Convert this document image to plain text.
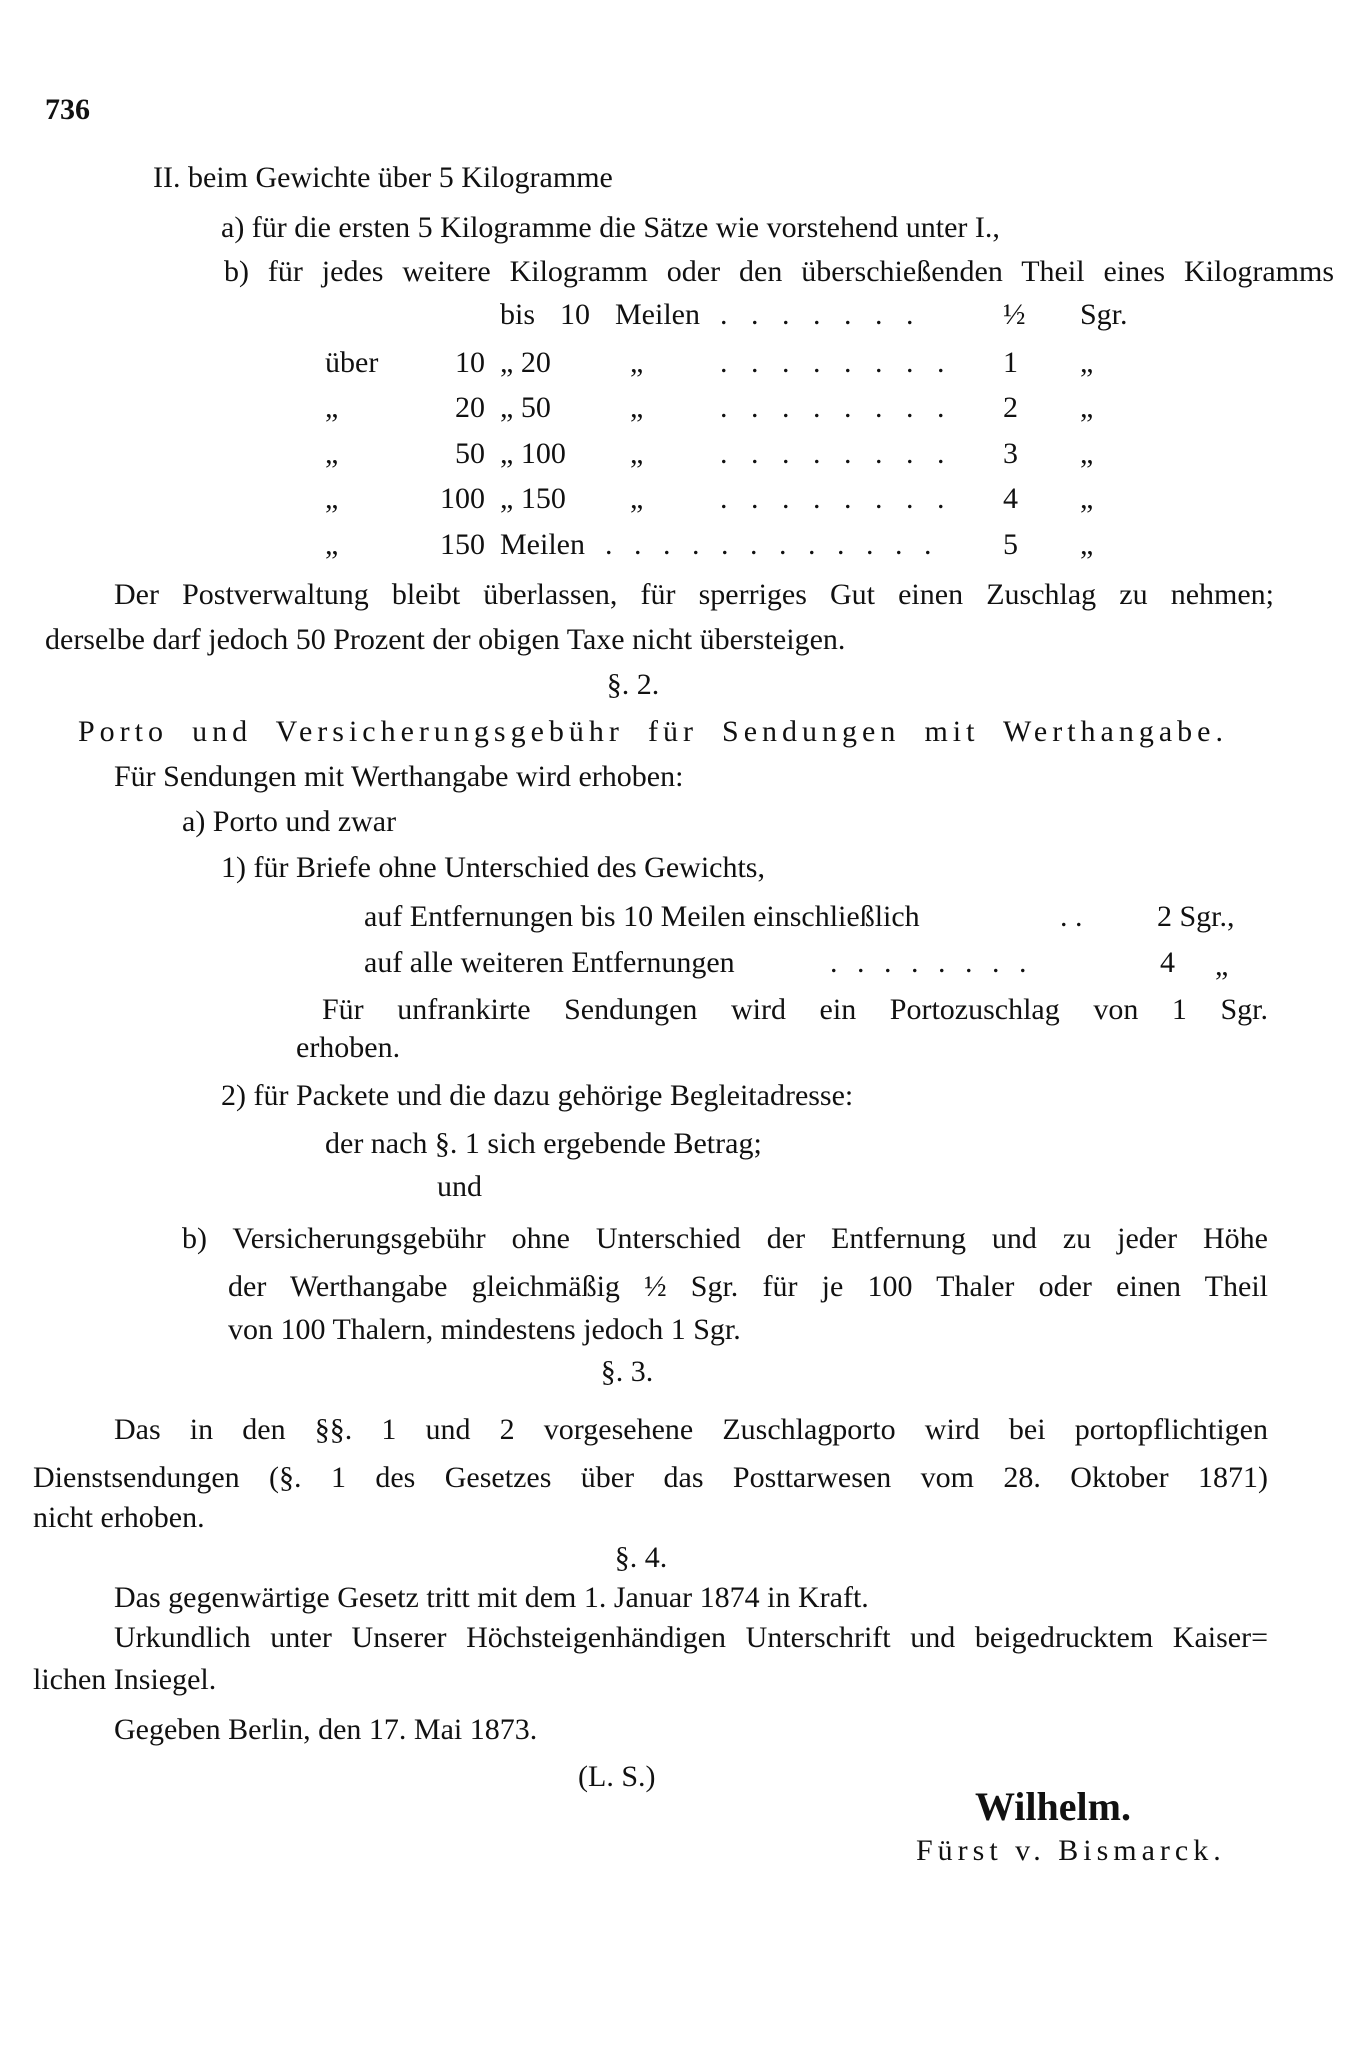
736
II. beim Gewichte über 5 Kilogramme
a) für die ersten 5 Kilogramme die Sätze wie vorstehend unter I.,
b) für jedes weitere Kilogramm oder den überschießenden Theil eines Kilogramms
bis 10 Meilen . . . . . . .	½ Sgr.
über	10 „ 20	„	. . . . . . . . 1 „
„	20 „ 50	„	. . . . . . . . 2 „
„	50 „ 100 „	. . . . . . . . 3 „
„	100 „ 150 „	. . . . . . . . 4 „
„	150 Meilen . . . . . . . . . . . . 5 „
Der Postverwaltung bleibt überlassen, für sperriges Gut einen Zuschlag zu nehmen;
derselbe darf jedoch 50 Prozent der obigen Taxe nicht übersteigen.
§. 2.
Porto und Versicherungsgebühr für Sendungen mit Werthangabe.
Für Sendungen mit Werthangabe wird erhoben:
a) Porto und zwar
1) für Briefe ohne Unterschied des Gewichts,
auf Entfernungen bis 10 Meilen einschließlich	. . 2 Sgr.,
auf alle weiteren Entfernungen	. . . . . . . .	4 „
Für unfrankirte Sendungen wird ein Portozuschlag von 1 Sgr.
erhoben.
2) für Packete und die dazu gehörige Begleitadresse:
der nach §. 1 sich ergebende Betrag;
und
b) Versicherungsgebühr ohne Unterschied der Entfernung und zu jeder Höhe
der Werthangabe gleichmäßig ½ Sgr. für je 100 Thaler oder einen Theil
von 100 Thalern, mindestens jedoch 1 Sgr.
§. 3.
Das in den §§. 1 und 2 vorgesehene Zuschlagporto wird bei portopflichtigen
Dienstsendungen (§. 1 des Gesetzes über das Posttarwesen vom 28. Oktober 1871)
nicht erhoben.
§. 4.
Das gegenwärtige Gesetz tritt mit dem 1. Januar 1874 in Kraft.
Urkundlich unter Unserer Höchsteigenhändigen Unterschrift und beigedrucktem Kaiser=
lichen Insiegel.
Gegeben Berlin, den 17. Mai 1873.
(L. S.)
Wilhelm.
Fürst v. Bismarck.
